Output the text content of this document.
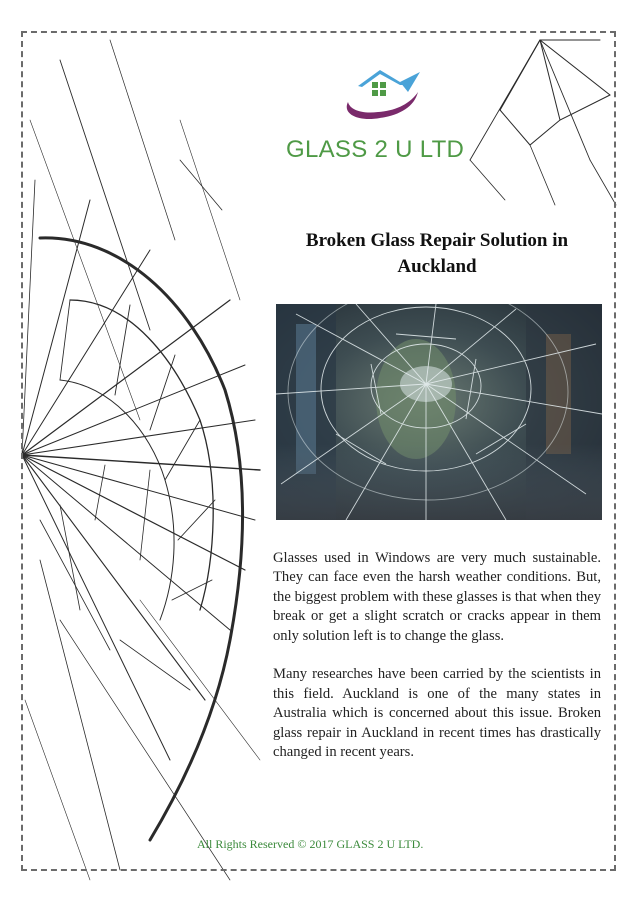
GLASS 2 U LTD
Broken Glass Repair Solution in
Auckland

Glasses used in Windows are very much sustainable. They can face even the harsh weather conditions. But, the biggest problem with these glasses is that when they break or get a slight scratch or cracks appear in them only solution left is to change the glass.

Many researches have been carried by the scientists in this field. Auckland is one of the many states in Australia which is concerned about this issue. Broken glass repair in Auckland in recent times has drastically changed in recent years.

All Rights Reserved © 2017 GLASS 2 U LTD.
